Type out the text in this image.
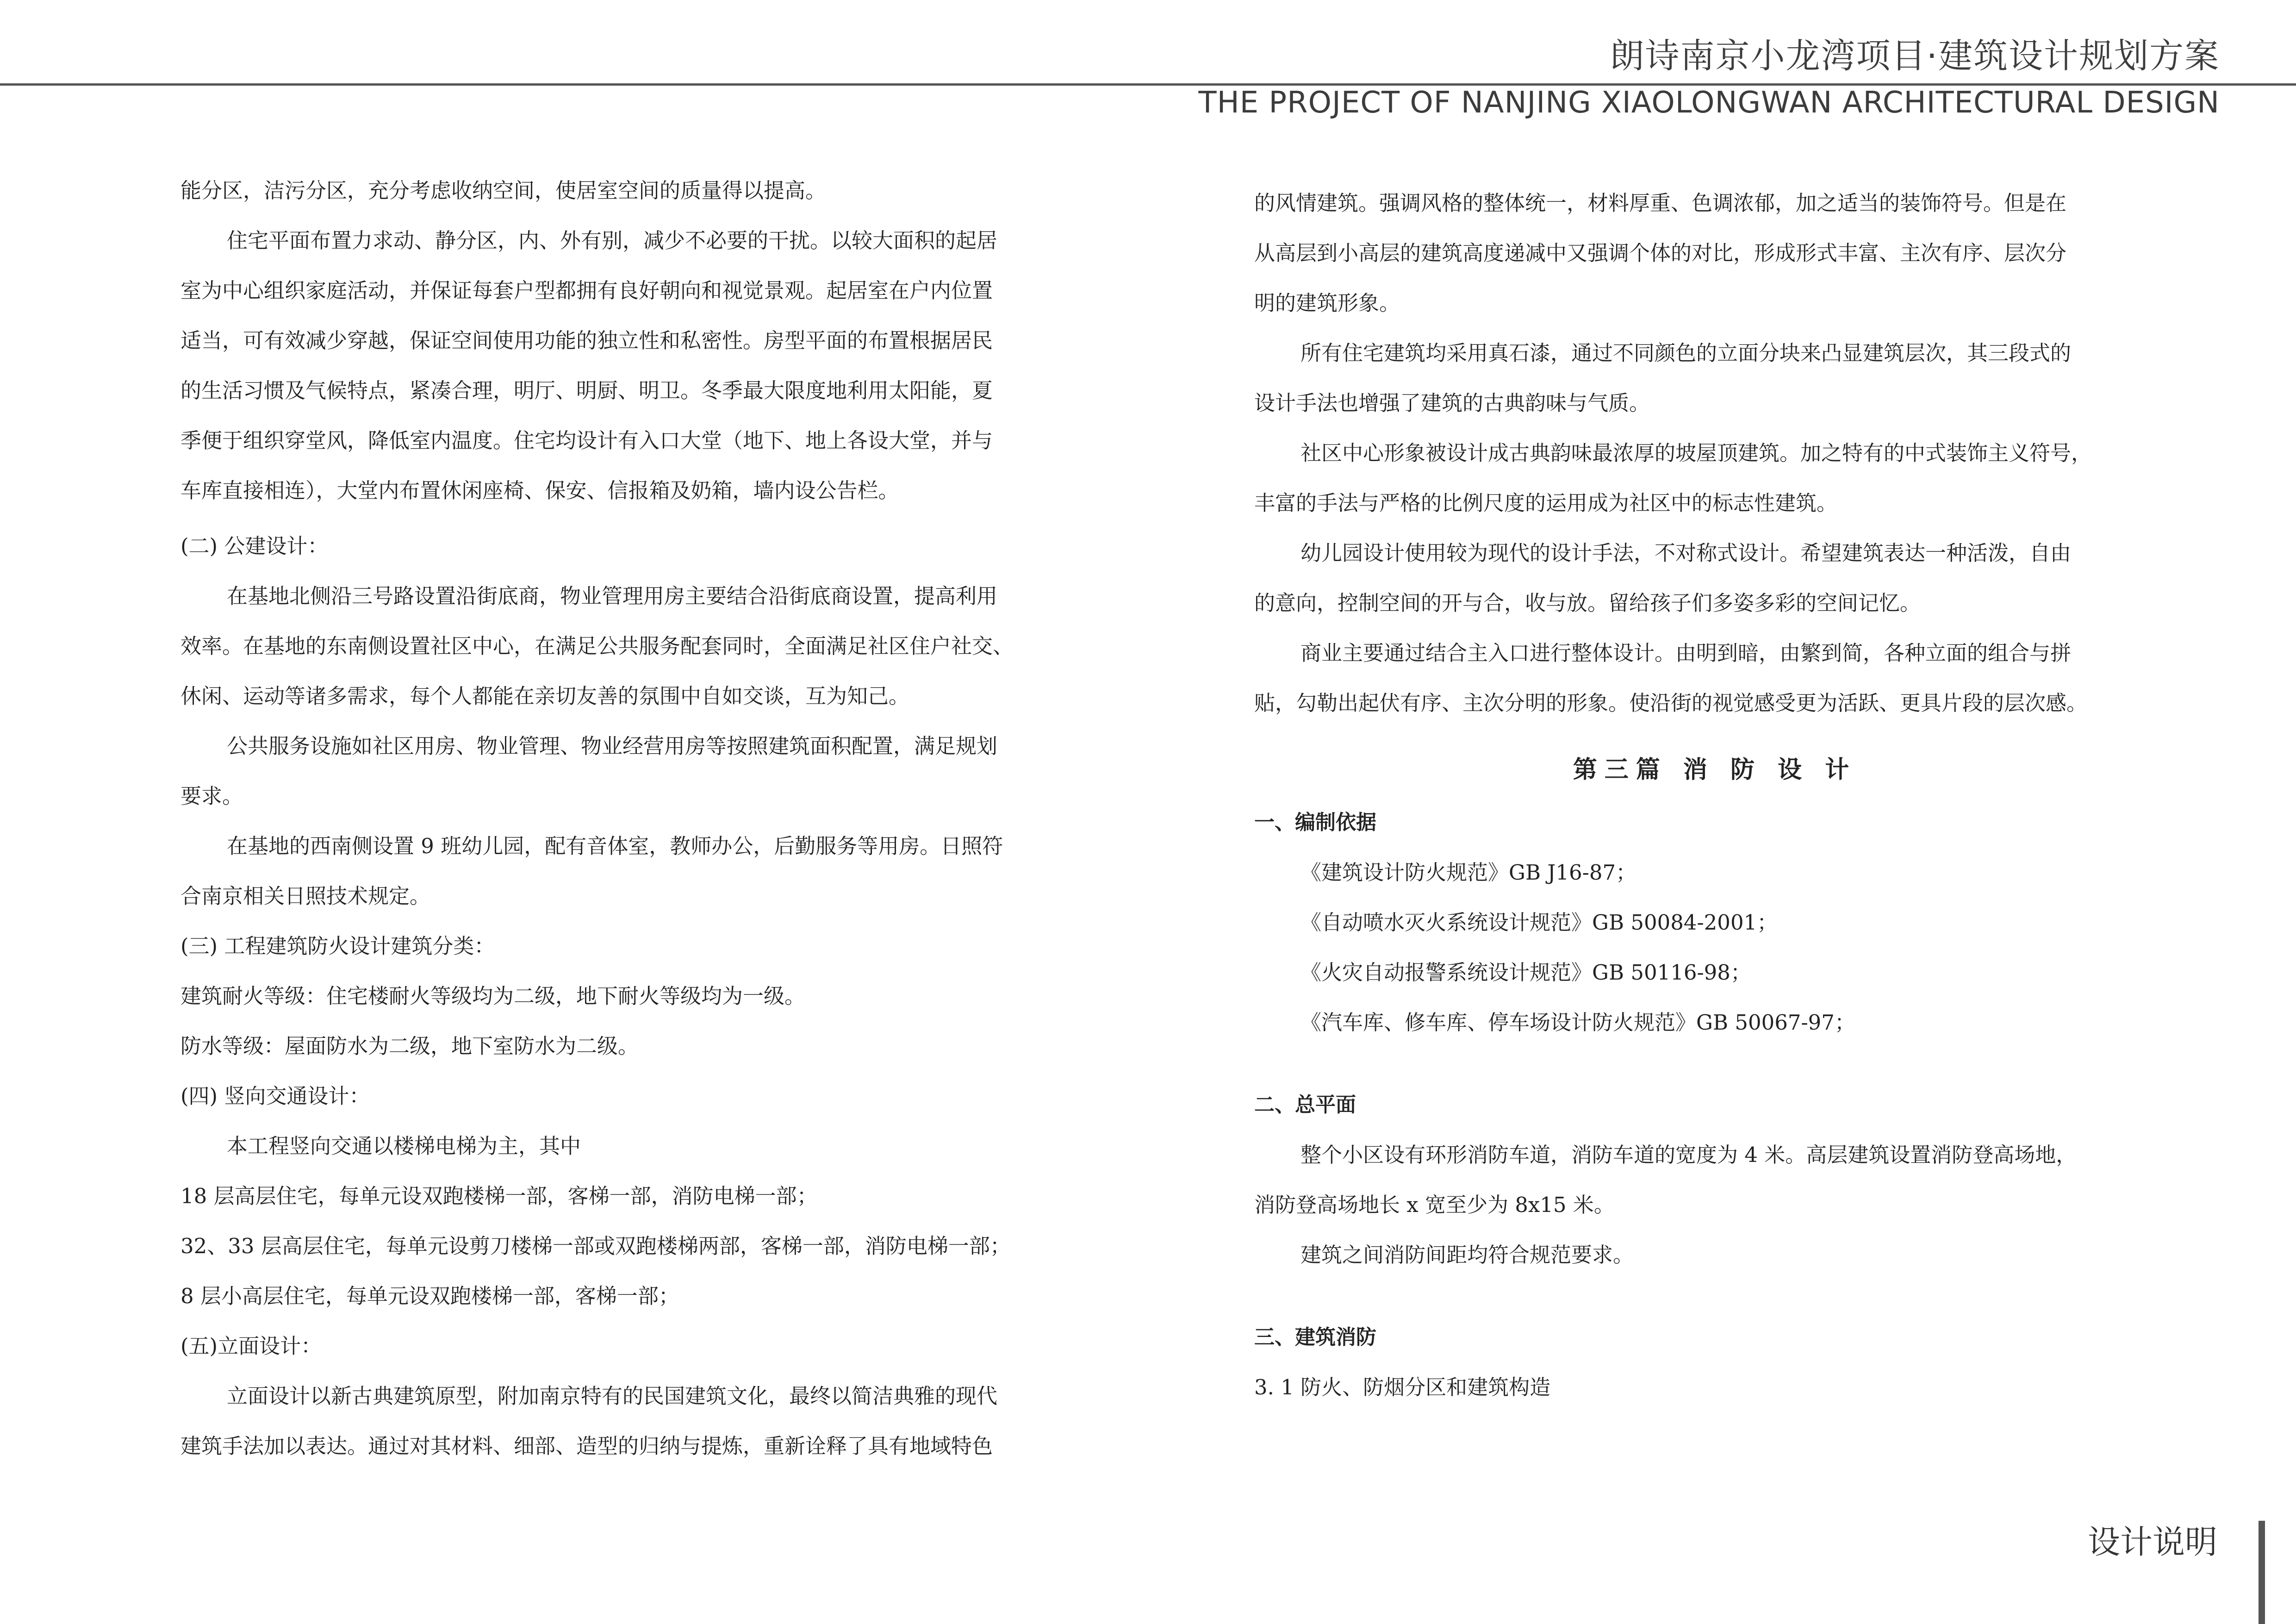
朗诗南京小龙湾项目·建筑设计规划方案
THE PROJECT OF NANJING XIAOLONGWAN ARCHITECTURAL DESIGN

能分区，洁污分区，充分考虑收纳空间，使居室空间的质量得以提高。

住宅平面布置力求动、静分区，内、外有别，减少不必要的干扰。以较大面积的起居

室为中心组织家庭活动，并保证每套户型都拥有良好朝向和视觉景观。起居室在户内位置

适当，可有效减少穿越，保证空间使用功能的独立性和私密性。房型平面的布置根据居民

的生活习惯及气候特点，紧凑合理，明厅、明厨、明卫。冬季最大限度地利用太阳能，夏

季便于组织穿堂风，降低室内温度。住宅均设计有入口大堂（地下、地上各设大堂，并与

车库直接相连），大堂内布置休闲座椅、保安、信报箱及奶箱，墙内设公告栏。

(二) 公建设计：

在基地北侧沿三号路设置沿街底商，物业管理用房主要结合沿街底商设置，提高利用

效率。在基地的东南侧设置社区中心，在满足公共服务配套同时，全面满足社区住户社交、

休闲、运动等诸多需求，每个人都能在亲切友善的氛围中自如交谈，互为知己。

公共服务设施如社区用房、物业管理、物业经营用房等按照建筑面积配置，满足规划

要求。

在基地的西南侧设置 9 班幼儿园，配有音体室，教师办公，后勤服务等用房。日照符

合南京相关日照技术规定。

(三) 工程建筑防火设计建筑分类：

建筑耐火等级：住宅楼耐火等级均为二级，地下耐火等级均为一级。

防水等级：屋面防水为二级，地下室防水为二级。

(四) 竖向交通设计：

本工程竖向交通以楼梯电梯为主，其中

18 层高层住宅，每单元设双跑楼梯一部，客梯一部，消防电梯一部；

32、33 层高层住宅，每单元设剪刀楼梯一部或双跑楼梯两部，客梯一部，消防电梯一部；

8 层小高层住宅，每单元设双跑楼梯一部，客梯一部；

(五)立面设计：

立面设计以新古典建筑原型，附加南京特有的民国建筑文化，最终以简洁典雅的现代

建筑手法加以表达。通过对其材料、细部、造型的归纳与提炼，重新诠释了具有地域特色

的风情建筑。强调风格的整体统一，材料厚重、色调浓郁，加之适当的装饰符号。但是在

从高层到小高层的建筑高度递减中又强调个体的对比，形成形式丰富、主次有序、层次分

明的建筑形象。

所有住宅建筑均采用真石漆，通过不同颜色的立面分块来凸显建筑层次，其三段式的

设计手法也增强了建筑的古典韵味与气质。

社区中心形象被设计成古典韵味最浓厚的坡屋顶建筑。加之特有的中式装饰主义符号，

丰富的手法与严格的比例尺度的运用成为社区中的标志性建筑。

幼儿园设计使用较为现代的设计手法，不对称式设计。希望建筑表达一种活泼，自由

的意向，控制空间的开与合，收与放。留给孩子们多姿多彩的空间记忆。

商业主要通过结合主入口进行整体设计。由明到暗，由繁到简，各种立面的组合与拼

贴，勾勒出起伏有序、主次分明的形象。使沿街的视觉感受更为活跃、更具片段的层次感。

第三篇 消 防 设 计

一、编制依据

《建筑设计防火规范》GB J16-87；

《自动喷水灭火系统设计规范》GB 50084-2001；

《火灾自动报警系统设计规范》GB 50116-98；

《汽车库、修车库、停车场设计防火规范》GB 50067-97；

二、总平面

整个小区设有环形消防车道，消防车道的宽度为 4 米。高层建筑设置消防登高场地，

消防登高场地长 x 宽至少为 8x15 米。

建筑之间消防间距均符合规范要求。

三、建筑消防

3. 1 防火、防烟分区和建筑构造

设计说明
